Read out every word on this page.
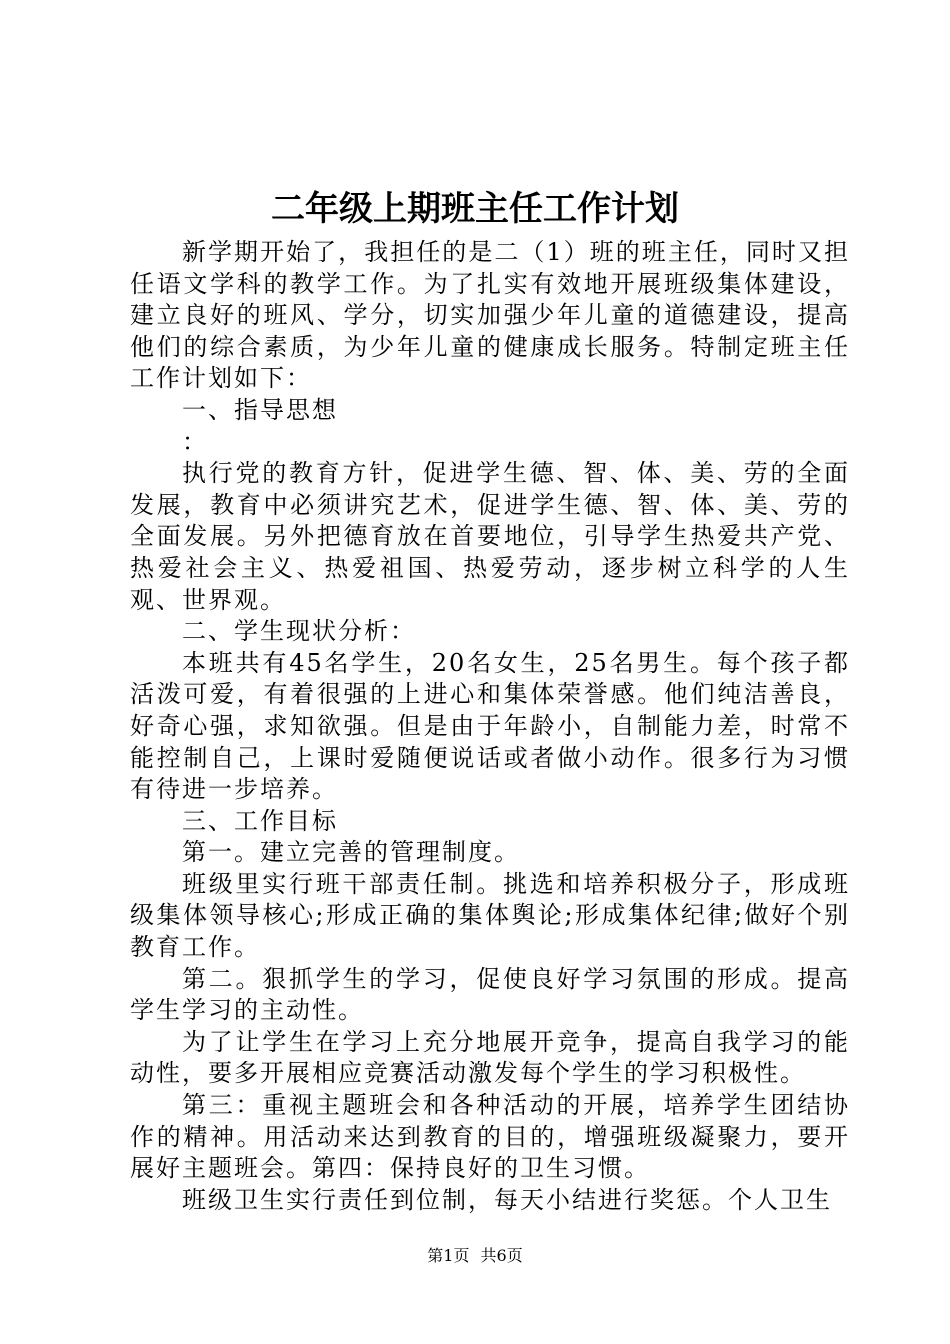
二年级上期班主任工作计划

新学期开始了，我担任的是二（1）班的班主任，同时又担任语文学科的教学工作。为了扎实有效地开展班级集体建设，建立良好的班风、学分，切实加强少年儿童的道德建设，提高他们的综合素质，为少年儿童的健康成长服务。特制定班主任工作计划如下：

一、指导思想

：

执行党的教育方针，促进学生德、智、体、美、劳的全面发展，教育中必须讲究艺术，促进学生德、智、体、美、劳的全面发展。另外把德育放在首要地位，引导学生热爱共产党、热爱社会主义、热爱祖国、热爱劳动，逐步树立科学的人生观、世界观。

二、学生现状分析：

本班共有45名学生，20名女生，25名男生。每个孩子都活泼可爱，有着很强的上进心和集体荣誉感。他们纯洁善良，好奇心强，求知欲强。但是由于年龄小，自制能力差，时常不能控制自己，上课时爱随便说话或者做小动作。很多行为习惯有待进一步培养。

三、工作目标

第一。建立完善的管理制度。

班级里实行班干部责任制。挑选和培养积极分子，形成班级集体领导核心;形成正确的集体舆论;形成集体纪律;做好个别教育工作。

第二。狠抓学生的学习，促使良好学习氛围的形成。提高学生学习的主动性。

为了让学生在学习上充分地展开竞争，提高自我学习的能动性，要多开展相应竞赛活动激发每个学生的学习积极性。

第三：重视主题班会和各种活动的开展，培养学生团结协作的精神。用活动来达到教育的目的，增强班级凝聚力，要开展好主题班会。第四：保持良好的卫生习惯。

班级卫生实行责任到位制，每天小结进行奖惩。个人卫生

第1页 共6页
